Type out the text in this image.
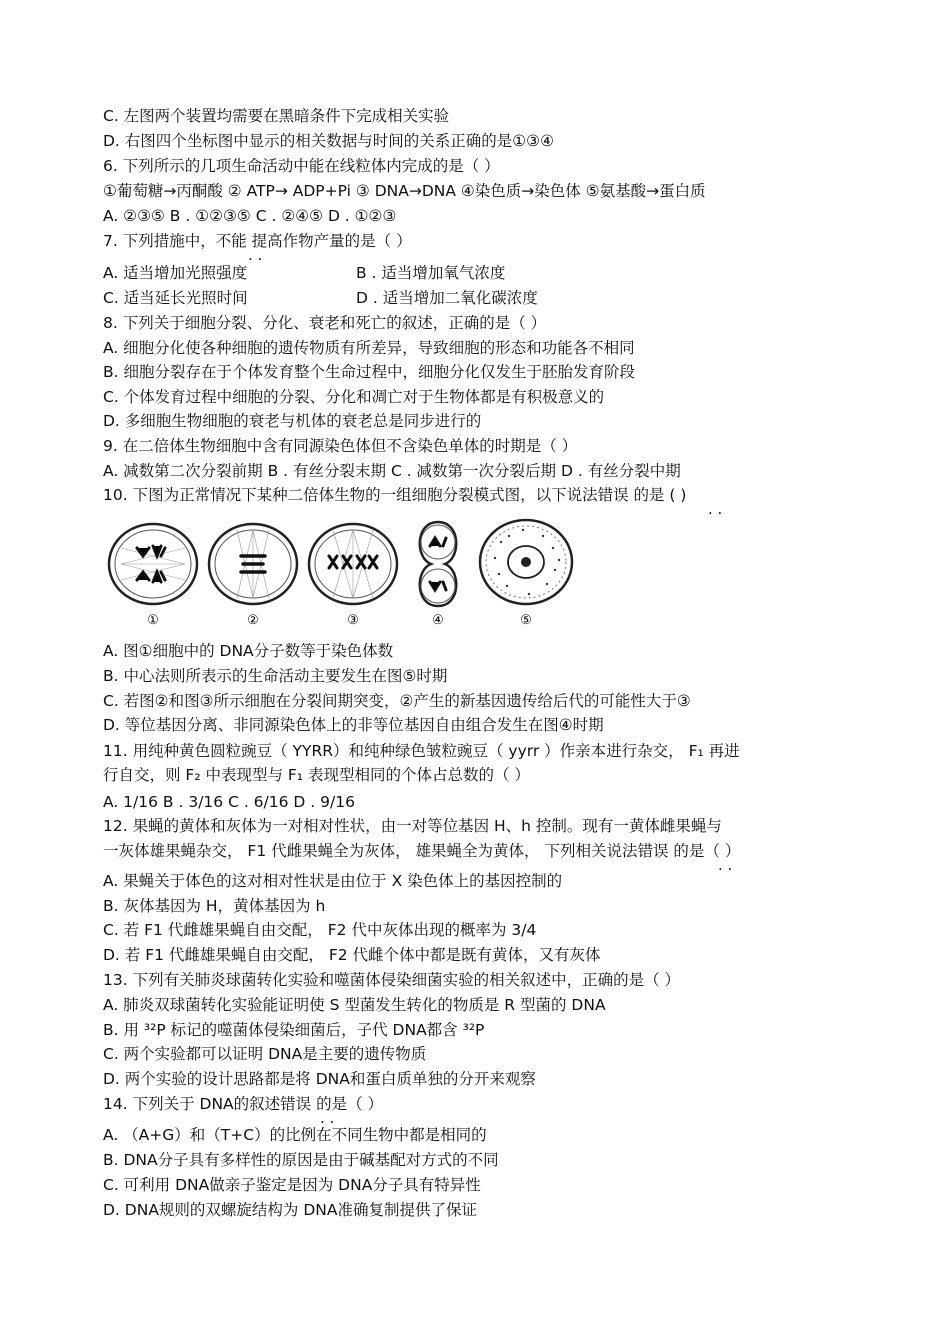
C. 左图两个装置均需要在黑暗条件下完成相关实验
D. 右图四个坐标图中显示的相关数据与时间的关系正确的是①③④
6. 下列所示的几项生命活动中能在线粒体内完成的是（ ）
①葡萄糖→丙酮酸 ② ATP→ ADP+Pi ③ DNA→DNA ④染色质→染色体 ⑤氨基酸→蛋白质
A. ②③⑤ B . ①②③⑤ C . ②④⑤ D . ①②③
7. 下列措施中，不能 提高作物产量的是（ ）
. .
A. 适当增加光照强度	B . 适当增加氧气浓度
C. 适当延长光照时间	D . 适当增加二氧化碳浓度
8. 下列关于细胞分裂、分化、衰老和死亡的叙述，正确的是（ ）
A. 细胞分化使各种细胞的遗传物质有所差异，导致细胞的形态和功能各不相同
B. 细胞分裂存在于个体发育整个生命过程中，细胞分化仅发生于胚胎发育阶段
C. 个体发育过程中细胞的分裂、分化和凋亡对于生物体都是有积极意义的
D. 多细胞生物细胞的衰老与机体的衰老总是同步进行的
9. 在二倍体生物细胞中含有同源染色体但不含染色单体的时期是（ ）
A. 减数第二次分裂前期 B . 有丝分裂末期 C . 减数第一次分裂后期 D . 有丝分裂中期
10. 下图为正常情况下某种二倍体生物的一组细胞分裂模式图，以下说法错误 的是 ( )
. .
①	②	③	④	⑤
A. 图①细胞中的 DNA分子数等于染色体数
B. 中心法则所表示的生命活动主要发生在图⑤时期
C. 若图②和图③所示细胞在分裂间期突变，②产生的新基因遗传给后代的可能性大于③
D. 等位基因分离、非同源染色体上的非等位基因自由组合发生在图④时期
11. 用纯种黄色圆粒豌豆（ YYRR）和纯种绿色皱粒豌豆（ yyrr ）作亲本进行杂交， F₁ 再进
行自交，则 F₂ 中表现型与 F₁ 表现型相同的个体占总数的（ ）
A. 1/16 B . 3/16 C . 6/16 D . 9/16
12. 果蝇的黄体和灰体为一对相对性状，由一对等位基因 H、h 控制。现有一黄体雌果蝇与
一灰体雄果蝇杂交， F1 代雌果蝇全为灰体， 雄果蝇全为黄体， 下列相关说法错误 的是（ ）
. .
A. 果蝇关于体色的这对相对性状是由位于 X 染色体上的基因控制的
B. 灰体基因为 H，黄体基因为 h
C. 若 F1 代雌雄果蝇自由交配， F2 代中灰体出现的概率为 3/4
D. 若 F1 代雌雄果蝇自由交配， F2 代雌个体中都是既有黄体，又有灰体
13. 下列有关肺炎球菌转化实验和噬菌体侵染细菌实验的相关叙述中，正确的是（ ）
A. 肺炎双球菌转化实验能证明使 S 型菌发生转化的物质是 R 型菌的 DNA
B. 用 ³²P 标记的噬菌体侵染细菌后，子代 DNA都含 ³²P
C. 两个实验都可以证明 DNA是主要的遗传物质
D. 两个实验的设计思路都是将 DNA和蛋白质单独的分开来观察
14. 下列关于 DNA的叙述错误 的是（ ）
. .
A. （A+G）和（T+C）的比例在不同生物中都是相同的
B. DNA分子具有多样性的原因是由于碱基配对方式的不同
C. 可利用 DNA做亲子鉴定是因为 DNA分子具有特异性
D. DNA规则的双螺旋结构为 DNA准确复制提供了保证
